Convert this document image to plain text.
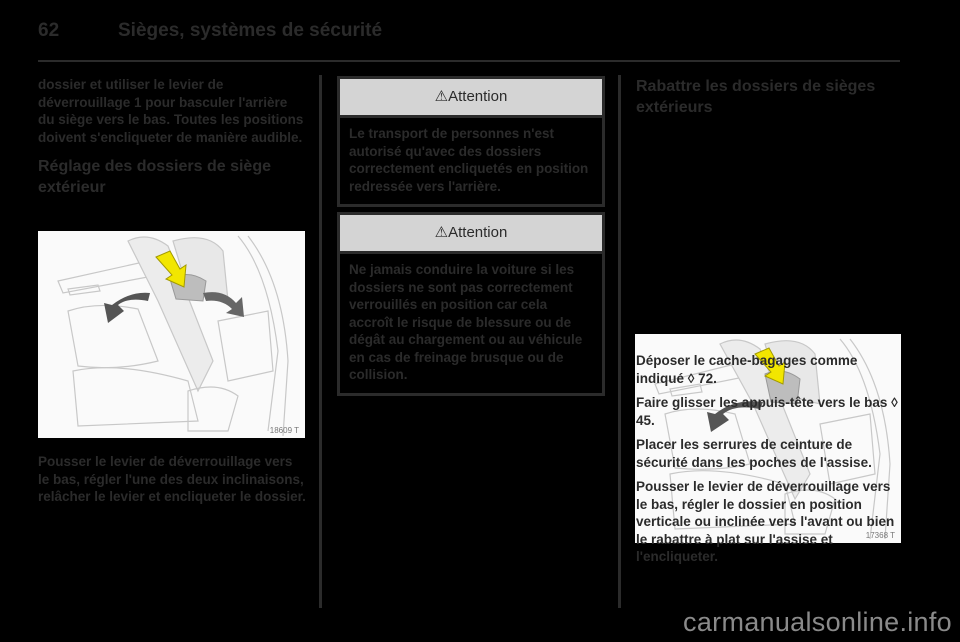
62	Sièges, systèmes de sécurité

dossier et utiliser le levier de déverrouillage 1 pour basculer l'arrière du siège vers le bas. Toutes les positions doivent s'encliqueter de manière audible.

Réglage des dossiers de siège extérieur
18609 T

Pousser le levier de déverrouillage vers le bas, régler l'une des deux inclinaisons, relâcher le levier et encliqueter le dossier.

⚠Attention

Le transport de personnes n'est autorisé qu'avec des dossiers correctement encliquetés en position redressée vers l'arrière.

⚠Attention

Ne jamais conduire la voiture si les dossiers ne sont pas correctement verrouillés en position car cela accroît le risque de blessure ou de dégât au chargement ou au véhicule en cas de freinage brusque ou de collision.

Rabattre les dossiers de sièges extérieurs
17368 T

Déposer le cache-bagages comme indiqué ◊ 72.

Faire glisser les appuis-tête vers le bas ◊ 45.

Placer les serrures de ceinture de sécurité dans les poches de l'assise.

Pousser le levier de déverrouillage vers le bas, régler le dossier en position verticale ou inclinée vers l'avant ou bien le rabattre à plat sur l'assise et l'encliqueter.

carmanualsonline.info
